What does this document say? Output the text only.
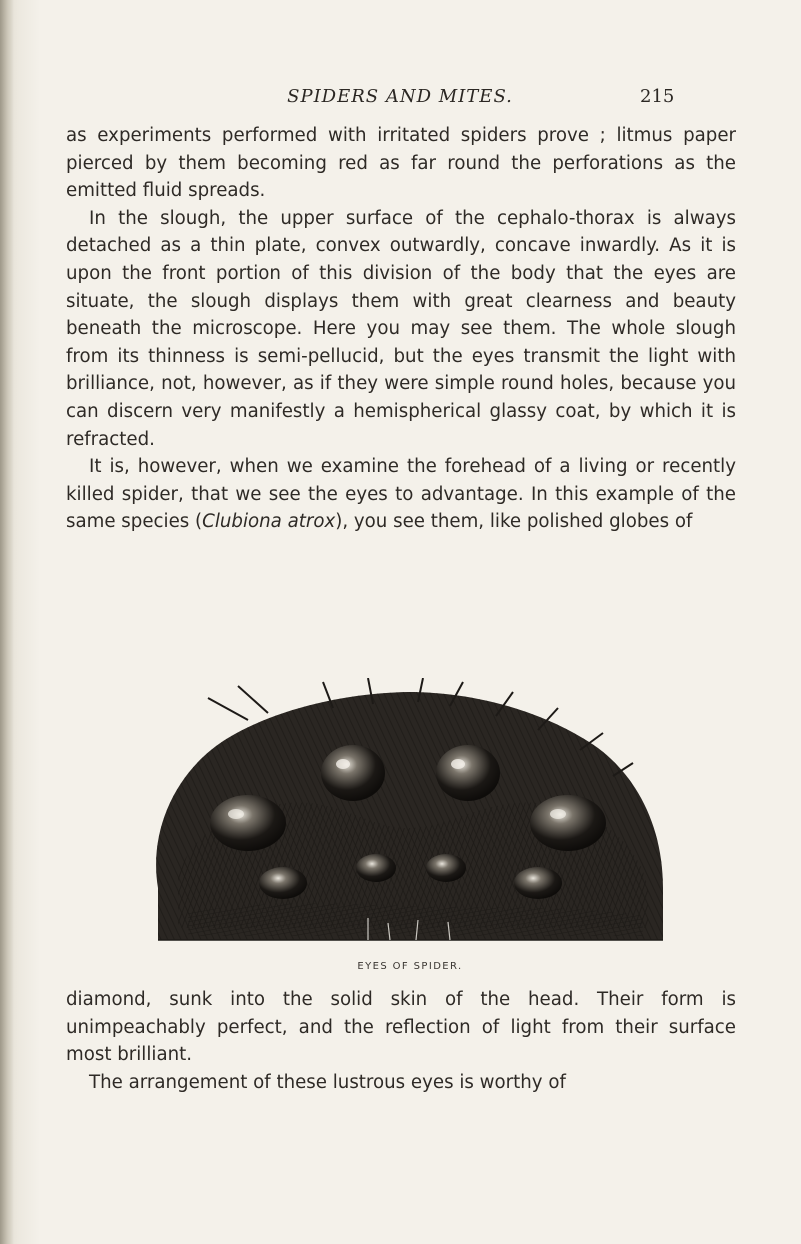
SPIDERS AND MITES.	215

as experiments performed with irritated spiders prove ; litmus paper pierced by them becoming red as far round the perforations as the emitted fluid spreads.

In the slough, the upper surface of the cephalo-thorax is always detached as a thin plate, convex outwardly, concave inwardly. As it is upon the front portion of this division of the body that the eyes are situate, the slough displays them with great clearness and beauty beneath the microscope. Here you may see them. The whole slough from its thinness is semi-pellucid, but the eyes transmit the light with brilliance, not, however, as if they were simple round holes, because you can discern very manifestly a hemispherical glassy coat, by which it is refracted.

It is, however, when we examine the forehead of a living or recently killed spider, that we see the eyes to advantage. In this example of the same species (Clubiona atrox), you see them, like polished globes of

EYES OF SPIDER.

diamond, sunk into the solid skin of the head. Their form is unimpeachably perfect, and the reflection of light from their surface most brilliant.

The arrangement of these lustrous eyes is worthy of
